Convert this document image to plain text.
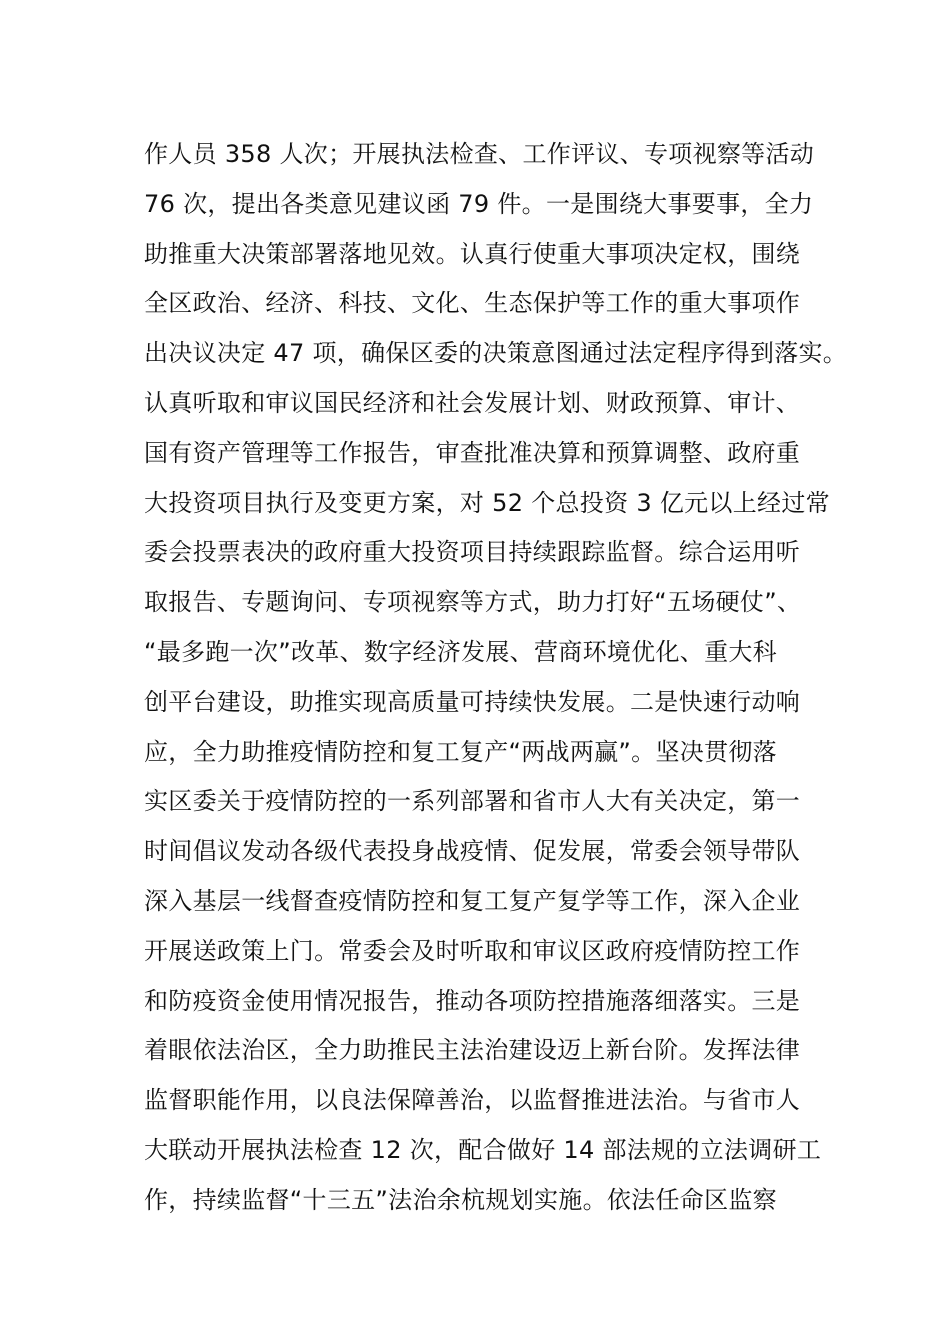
作人员 358 人次；开展执法检查、工作评议、专项视察等活动
76 次，提出各类意见建议函 79 件。一是围绕大事要事，全力
助推重大决策部署落地见效。认真行使重大事项决定权，围绕
全区政治、经济、科技、文化、生态保护等工作的重大事项作
出决议决定 47 项，确保区委的决策意图通过法定程序得到落实。
认真听取和审议国民经济和社会发展计划、财政预算、审计、
国有资产管理等工作报告，审查批准决算和预算调整、政府重
大投资项目执行及变更方案，对 52 个总投资 3 亿元以上经过常
委会投票表决的政府重大投资项目持续跟踪监督。综合运用听
取报告、专题询问、专项视察等方式，助力打好“五场硬仗”、
“最多跑一次”改革、数字经济发展、营商环境优化、重大科
创平台建设，助推实现高质量可持续快发展。二是快速行动响
应，全力助推疫情防控和复工复产“两战两赢”。坚决贯彻落
实区委关于疫情防控的一系列部署和省市人大有关决定，第一
时间倡议发动各级代表投身战疫情、促发展，常委会领导带队
深入基层一线督查疫情防控和复工复产复学等工作，深入企业
开展送政策上门。常委会及时听取和审议区政府疫情防控工作
和防疫资金使用情况报告，推动各项防控措施落细落实。三是
着眼依法治区，全力助推民主法治建设迈上新台阶。发挥法律
监督职能作用，以良法保障善治，以监督推进法治。与省市人
大联动开展执法检查 12 次，配合做好 14 部法规的立法调研工
作，持续监督“十三五”法治余杭规划实施。依法任命区监察
